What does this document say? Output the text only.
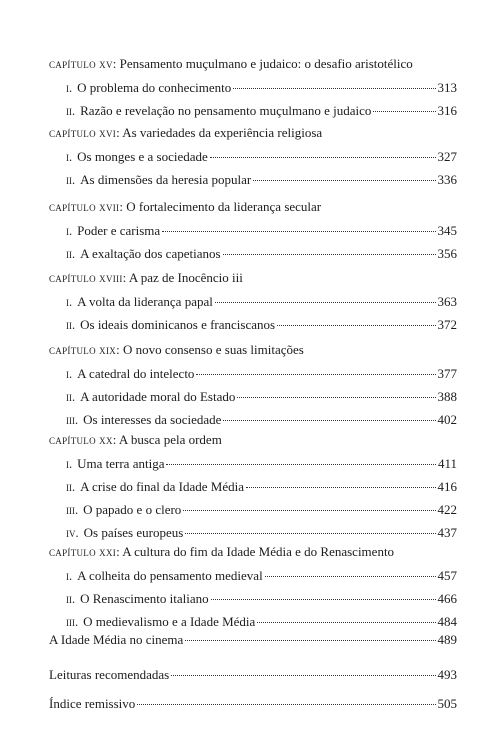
capítulo xv: Pensamento muçulmano e judaico: o desafio aristotélico
i. O problema do conhecimento	313
ii. Razão e revelação no pensamento muçulmano e judaico	316
capítulo xvi: As variedades da experiência religiosa
i. Os monges e a sociedade	327
ii. As dimensões da heresia popular	336
capítulo xvii: O fortalecimento da liderança secular
i. Poder e carisma	345
ii. A exaltação dos capetianos	356
capítulo xviii: A paz de Inocêncio iii
i. A volta da liderança papal	363
ii. Os ideais dominicanos e franciscanos	372
capítulo xix: O novo consenso e suas limitações
i. A catedral do intelecto	377
ii. A autoridade moral do Estado	388
iii. Os interesses da sociedade	402
capítulo xx: A busca pela ordem
i. Uma terra antiga	411
ii. A crise do final da Idade Média	416
iii. O papado e o clero	422
iv. Os países europeus	437
capítulo xxi: A cultura do fim da Idade Média e do Renascimento
i. A colheita do pensamento medieval	457
ii. O Renascimento italiano	466
iii. O medievalismo e a Idade Média	484
A Idade Média no cinema	489
Leituras recomendadas	493
Índice remissivo	505
